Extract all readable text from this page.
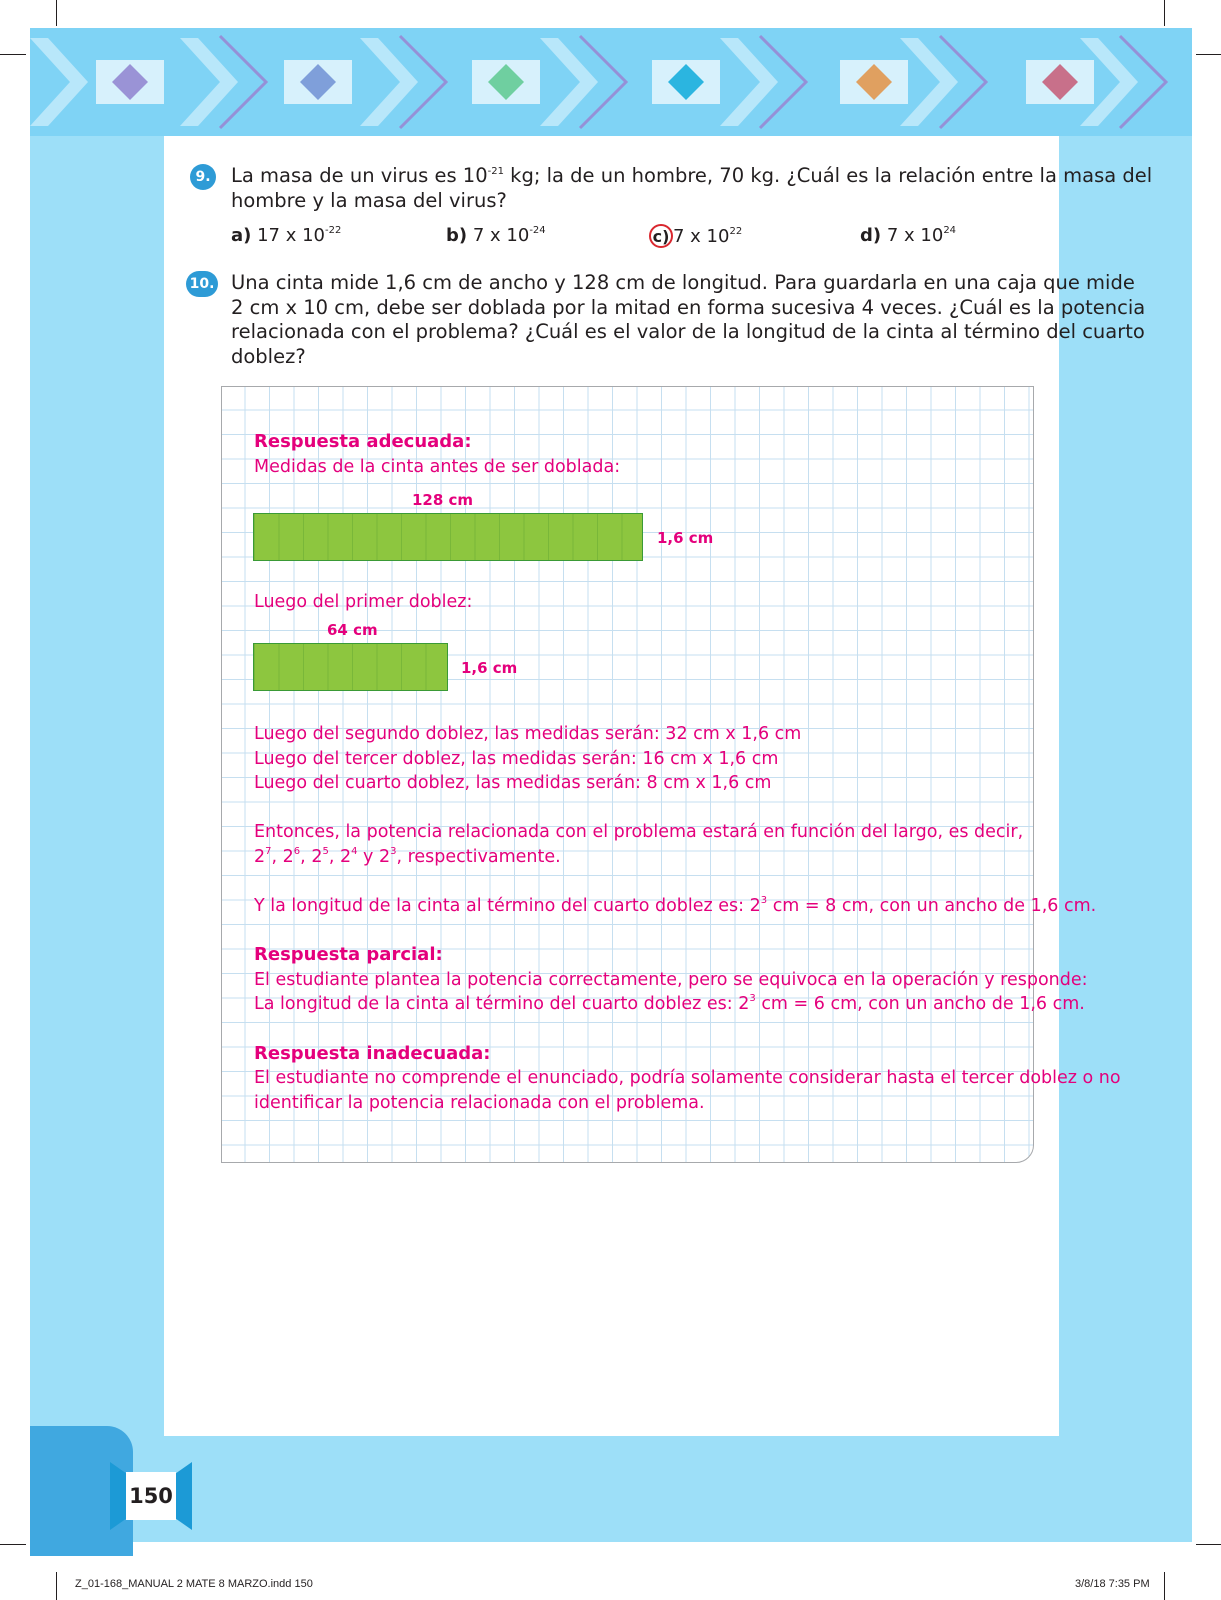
9. La masa de un virus es $10^{-21}$ kg; la de un hombre, 70 kg. ¿Cuál es la relación entre la masa del
hombre y la masa del virus?
a) 17 x $10^{-22}$	b) 7 x $10^{-24}$	c) 7 x $10^{22}$	d) 7 x $10^{24}$
10. Una cinta mide 1,6 cm de ancho y 128 cm de longitud. Para guardarla en una caja que mide
2 cm x 10 cm, debe ser doblada por la mitad en forma sucesiva 4 veces. ¿Cuál es la potencia
relacionada con el problema? ¿Cuál es el valor de la longitud de la cinta al término del cuarto
doblez?
Respuesta adecuada:
Medidas de la cinta antes de ser doblada:
128 cm
1,6 cm
Luego del primer doblez:
64 cm
1,6 cm
Luego del segundo doblez, las medidas serán: 32 cm x 1,6 cm
Luego del tercer doblez, las medidas serán: 16 cm x 1,6 cm
Luego del cuarto doblez, las medidas serán: 8 cm x 1,6 cm
Entonces, la potencia relacionada con el problema estará en función del largo, es decir,
$2^7$, $2^6$, $2^5$, $2^4$ y $2^3$, respectivamente.
Y la longitud de la cinta al término del cuarto doblez es: $2^3$ cm = 8 cm, con un ancho de 1,6 cm.
Respuesta parcial:
El estudiante plantea la potencia correctamente, pero se equivoca en la operación y responde:
La longitud de la cinta al término del cuarto doblez es: $2^3$ cm = 6 cm, con un ancho de 1,6 cm.
Respuesta inadecuada:
El estudiante no comprende el enunciado, podría solamente considerar hasta el tercer doblez o no
identificar la potencia relacionada con el problema.
150
Z_01-168_MANUAL 2 MATE 8 MARZO.indd 150	3/8/18 7:35 PM
